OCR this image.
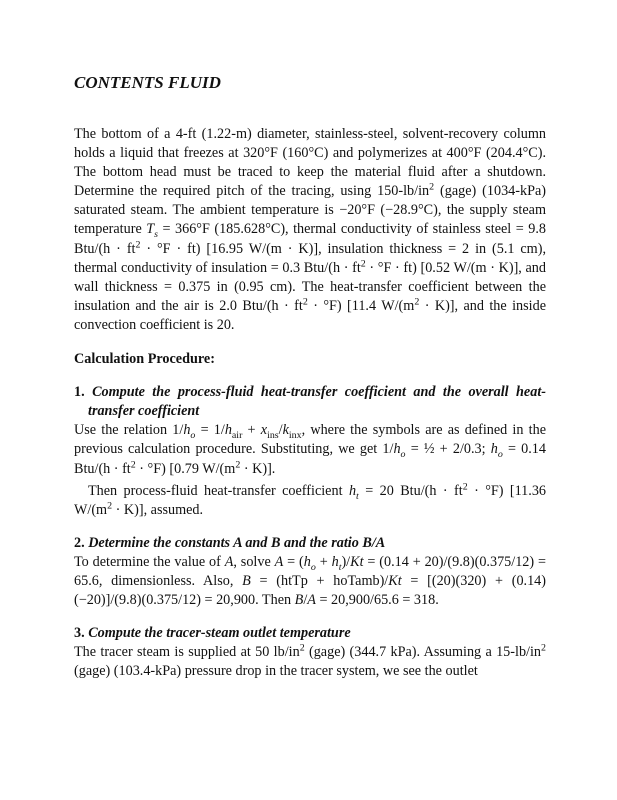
CONTENTS FLUID

The bottom of a 4-ft (1.22-m) diameter, stainless-steel, solvent-recovery column holds a liquid that freezes at 320°F (160°C) and polymerizes at 400°F (204.4°C). The bottom head must be traced to keep the material fluid after a shutdown. Determine the required pitch of the tracing, using $150-lb/in^2$ (gage) (1034-kPa) saturated steam. The ambient temperature is −20°F (−28.9°C), the supply steam temperature $T_s = 366^\circ F$ (185.628°C), thermal conductivity of stainless steel = 9.8 $Btu/(h \cdot ft^2 \cdot ^\circ F \cdot ft)$ [16.95 W/(m · K)], insulation thickness = 2 in (5.1 cm), thermal conductivity of insulation = 0.3 $Btu/(h \cdot ft^2 \cdot ^\circ F \cdot ft)$ [0.52 W/(m · K)], and wall thickness = 0.375 in (0.95 cm). The heat-transfer coefficient between the insulation and the air is 2.0 $Btu/(h \cdot ft^2 \cdot ^\circ F)$ [11.4 $W/(m^2 \cdot K)$], and the inside convection coefficient is 20.

Calculation Procedure:

1. Compute the process-fluid heat-transfer coefficient and the overall heat-transfer coefficient

Use the relation $1/h_o = 1/h_{air} + x_{ins}/k_{inx}$, where the symbols are as defined in the previous calculation procedure. Substituting, we get $1/h_o$ = ½ + 2/0.3; $h_o = 0.14$ $Btu/(h \cdot ft^2 \cdot ^\circ F)$ [0.79 $W/(m^2 \cdot K)$].

Then process-fluid heat-transfer coefficient $h_t = 20$ $Btu/(h \cdot ft^2 \cdot ^\circ F)$ [11.36 $W/(m^2 \cdot K)$], assumed.

2. Determine the constants A and B and the ratio B/A

To determine the value of A, solve $A = (h_o + h_t)/Kt = (0.14 + 20)/(9.8)(0.375/12) = 65.6$, dimensionless. Also, B = (htTp + hoTamb)/Kt = [(20)(320) + (0.14)(−20)]/(9.8)(0.375/12) = 20,900. Then B/A = 20,900/65.6 = 318.

3. Compute the tracer-steam outlet temperature

The tracer steam is supplied at 50 $lb/in^2$ (gage) (344.7 kPa). Assuming a $15-lb/in^2$ (gage) (103.4-kPa) pressure drop in the tracer system, we see the outlet
